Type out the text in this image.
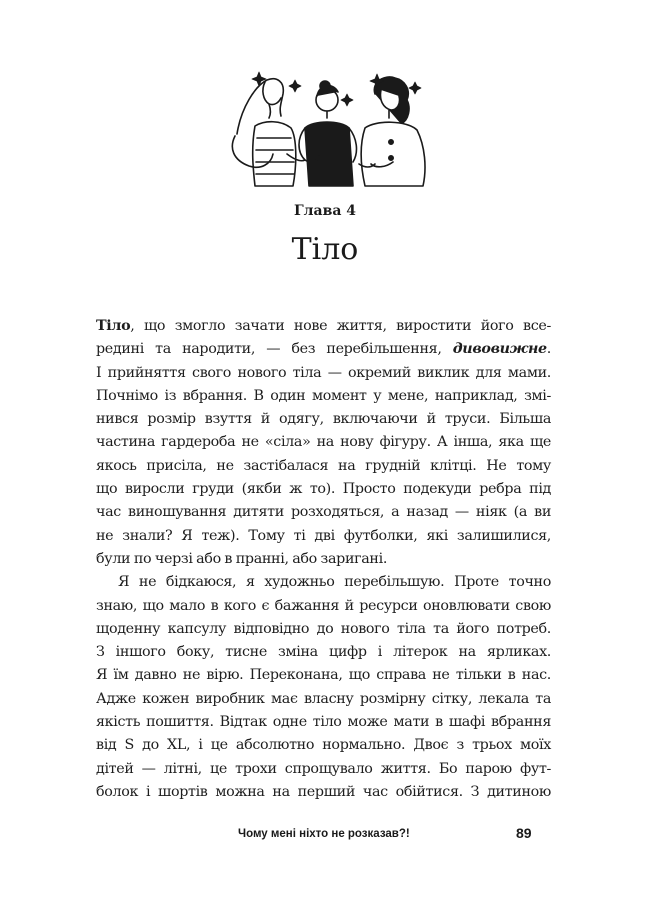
Глава 4
Тіло
Тіло, що змогло зачати нове життя, виростити його все-
редині та народити, — без перебільшення, дивовижне.
І прийняття свого нового тіла — окремий виклик для мами.
Почнімо із вбрання. В один момент у мене, наприклад, змі-
нився розмір взуття й одягу, включаючи й труси. Більша
частина гардероба не «сіла» на нову фігуру. А інша, яка ще
якось присіла, не застібалася на грудній клітці. Не тому
що виросли груди (якби ж то). Просто подекуди ребра під
час виношування дитяти розходяться, а назад — ніяк (а ви
не знали? Я теж). Тому ті дві футболки, які залишилися,
були по черзі або в пранні, або заригані.
Я не бідкаюся, я художньо перебільшую. Проте точно
знаю, що мало в кого є бажання й ресурси оновлювати свою
щоденну капсулу відповідно до нового тіла та його потреб.
З іншого боку, тисне зміна цифр і літерок на ярликах.
Я їм давно не вірю. Переконана, що справа не тільки в нас.
Адже кожен виробник має власну розмірну сітку, лекала та
якість пошиття. Відтак одне тіло може мати в шафі вбрання
від S до XL, і це абсолютно нормально. Двоє з трьох моїх
дітей — літні, це трохи спрощувало життя. Бо парою фут-
болок і шортів можна на перший час обійтися. З дитиною
Чому мені ніхто не розказав?!	89
